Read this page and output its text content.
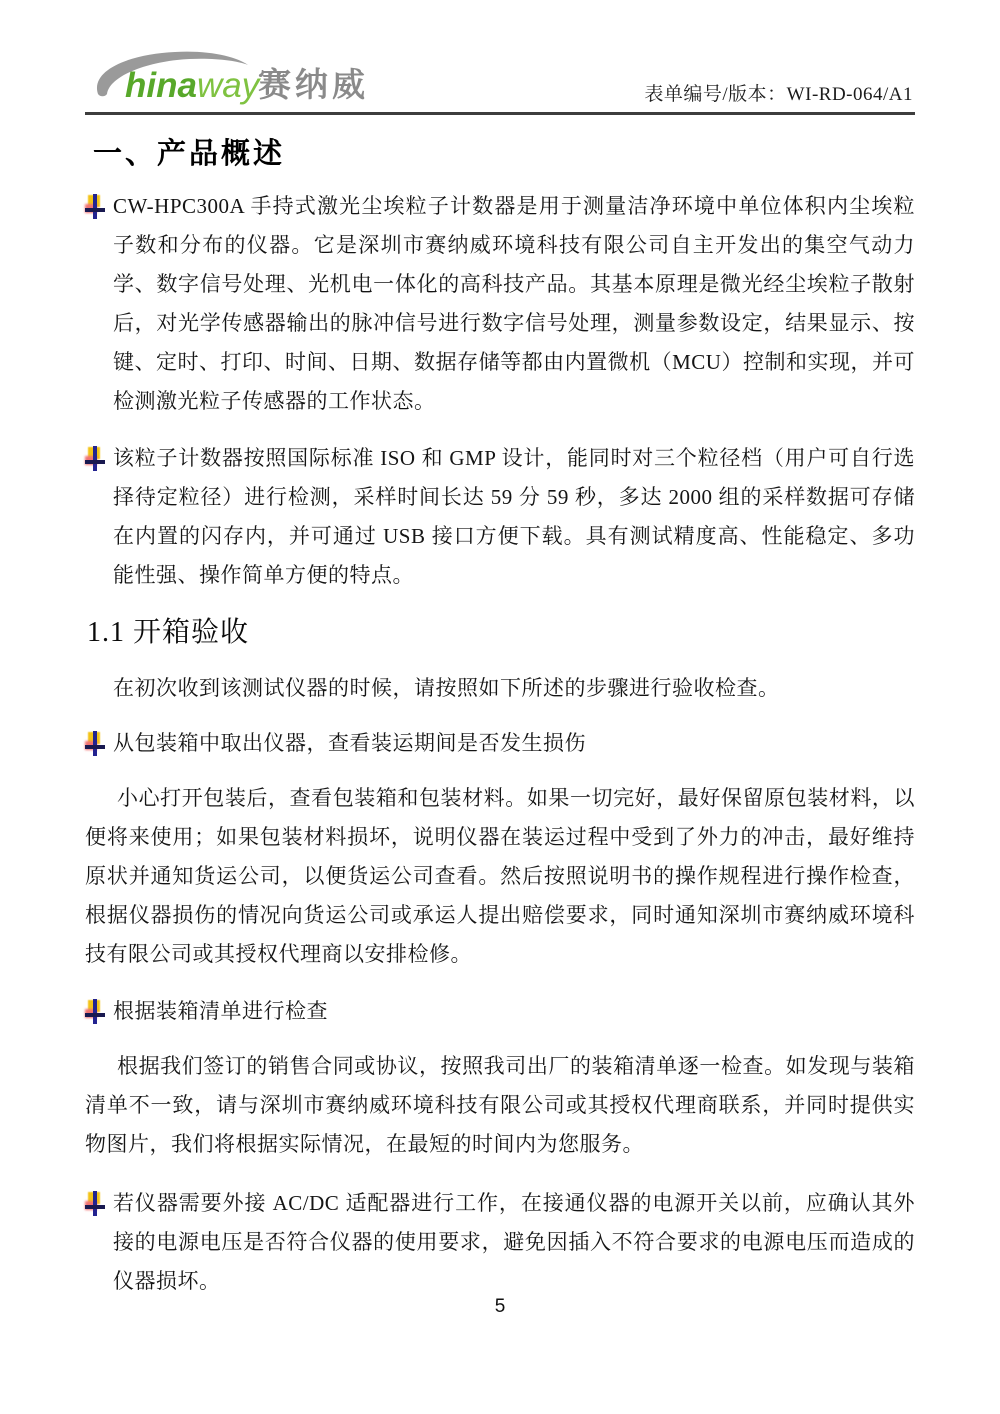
hinaway
赛纳威	表单编号/版本：WI-RD-064/A1
一、产品概述

CW-HPC300A 手持式激光尘埃粒子计数器是用于测量洁净环境中单位体积内尘埃粒子数和分布的仪器。它是深圳市赛纳威环境科技有限公司自主开发出的集空气动力学、数字信号处理、光机电一体化的高科技产品。其基本原理是微光经尘埃粒子散射后，对光学传感器输出的脉冲信号进行数字信号处理，测量参数设定，结果显示、按键、定时、打印、时间、日期、数据存储等都由内置微机（MCU）控制和实现，并可检测激光粒子传感器的工作状态。

该粒子计数器按照国际标准 ISO 和 GMP 设计，能同时对三个粒径档（用户可自行选择待定粒径）进行检测，采样时间长达 59 分 59 秒，多达 2000 组的采样数据可存储在内置的闪存内，并可通过 USB 接口方便下载。具有测试精度高、性能稳定、多功能性强、操作简单方便的特点。

1.1 开箱验收

在初次收到该测试仪器的时候，请按照如下所述的步骤进行验收检查。

从包装箱中取出仪器，查看装运期间是否发生损伤

小心打开包装后，查看包装箱和包装材料。如果一切完好，最好保留原包装材料，以便将来使用；如果包装材料损坏，说明仪器在装运过程中受到了外力的冲击，最好维持原状并通知货运公司，以便货运公司查看。然后按照说明书的操作规程进行操作检查，根据仪器损伤的情况向货运公司或承运人提出赔偿要求，同时通知深圳市赛纳威环境科技有限公司或其授权代理商以安排检修。

根据装箱清单进行检查

根据我们签订的销售合同或协议，按照我司出厂的装箱清单逐一检查。如发现与装箱清单不一致，请与深圳市赛纳威环境科技有限公司或其授权代理商联系，并同时提供实物图片，我们将根据实际情况，在最短的时间内为您服务。

若仪器需要外接 AC/DC 适配器进行工作，在接通仪器的电源开关以前，应确认其外接的电源电压是否符合仪器的使用要求，避免因插入不符合要求的电源电压而造成的仪器损坏。

5
